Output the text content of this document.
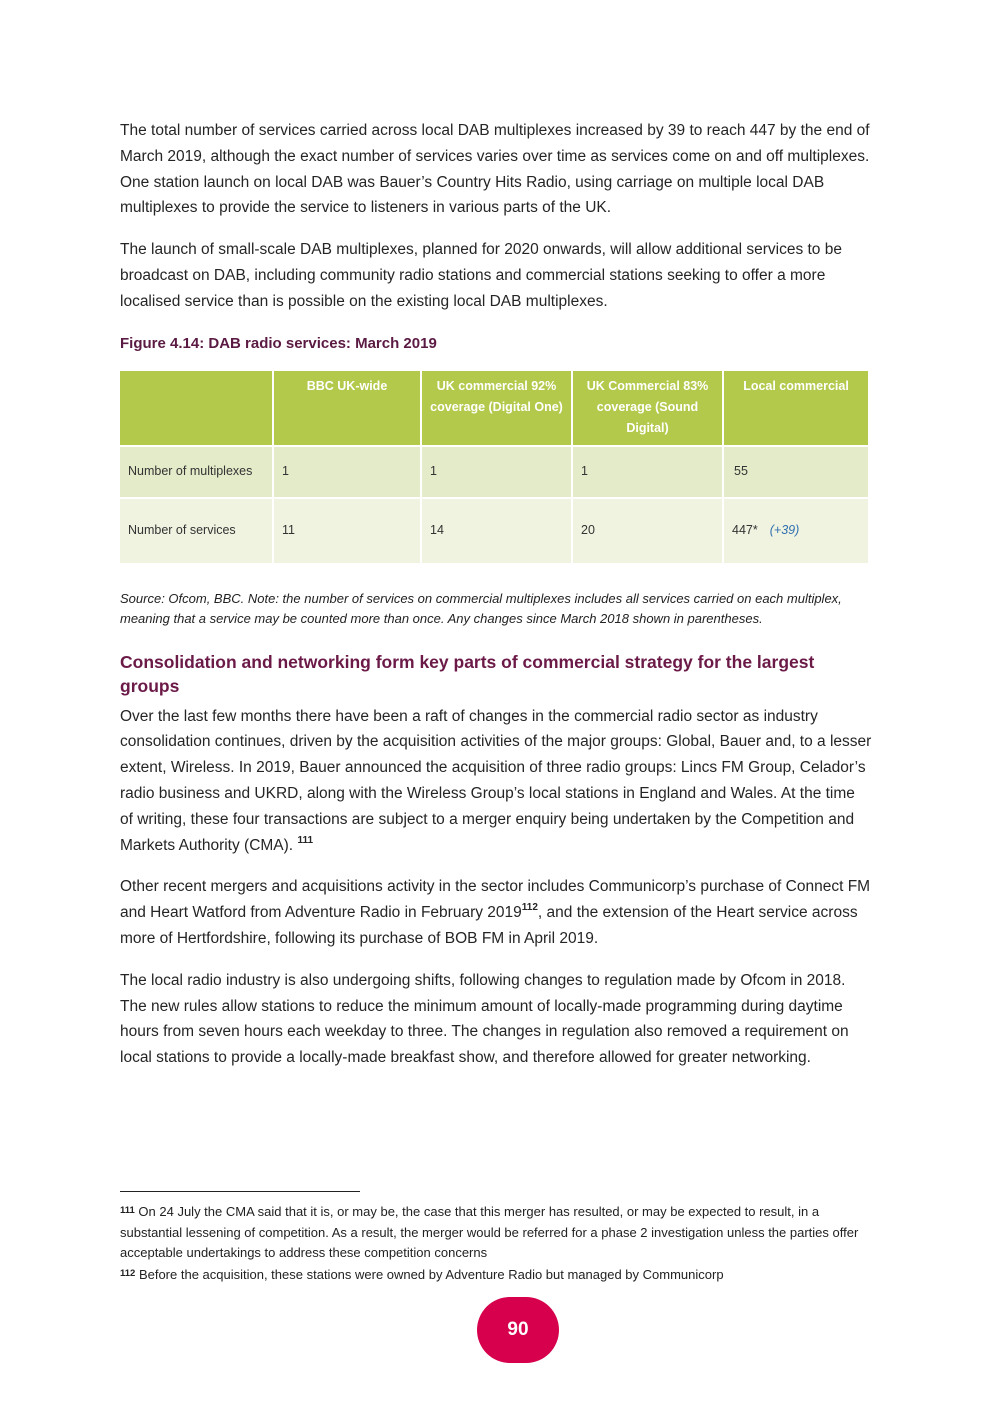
The total number of services carried across local DAB multiplexes increased by 39 to reach 447 by the end of March 2019, although the exact number of services varies over time as services come on and off multiplexes. One station launch on local DAB was Bauer’s Country Hits Radio, using carriage on multiple local DAB multiplexes to provide the service to listeners in various parts of the UK.

The launch of small-scale DAB multiplexes, planned for 2020 onwards, will allow additional services to be broadcast on DAB, including community radio stations and commercial stations seeking to offer a more localised service than is possible on the existing local DAB multiplexes.

Figure 4.14: DAB radio services: March 2019
	BBC UK-wide	UK commercial 92% coverage (Digital One)	UK Commercial 83% coverage (Sound Digital)	Local commercial
Number of multiplexes	1	1	1	55
Number of services	11	14	20	447* (+39)

Source: Ofcom, BBC. Note: the number of services on commercial multiplexes includes all services carried on each multiplex, meaning that a service may be counted more than once. Any changes since March 2018 shown in parentheses.

Consolidation and networking form key parts of commercial strategy for the largest groups

Over the last few months there have been a raft of changes in the commercial radio sector as industry consolidation continues, driven by the acquisition activities of the major groups: Global, Bauer and, to a lesser extent, Wireless. In 2019, Bauer announced the acquisition of three radio groups: Lincs FM Group, Celador’s radio business and UKRD, along with the Wireless Group’s local stations in England and Wales. At the time of writing, these four transactions are subject to a merger enquiry being undertaken by the Competition and Markets Authority (CMA). $^{111}$

Other recent mergers and acquisitions activity in the sector includes Communicorp’s purchase of Connect FM and Heart Watford from Adventure Radio in February 2019$^{112}$, and the extension of the Heart service across more of Hertfordshire, following its purchase of BOB FM in April 2019.

The local radio industry is also undergoing shifts, following changes to regulation made by Ofcom in 2018. The new rules allow stations to reduce the minimum amount of locally-made programming during daytime hours from seven hours each weekday to three. The changes in regulation also removed a requirement on local stations to provide a locally-made breakfast show, and therefore allowed for greater networking.

$^{111}$ On 24 July the CMA said that it is, or may be, the case that this merger has resulted, or may be expected to result, in a substantial lessening of competition. As a result, the merger would be referred for a phase 2 investigation unless the parties offer acceptable undertakings to address these competition concerns
$^{112}$ Before the acquisition, these stations were owned by Adventure Radio but managed by Communicorp
90
